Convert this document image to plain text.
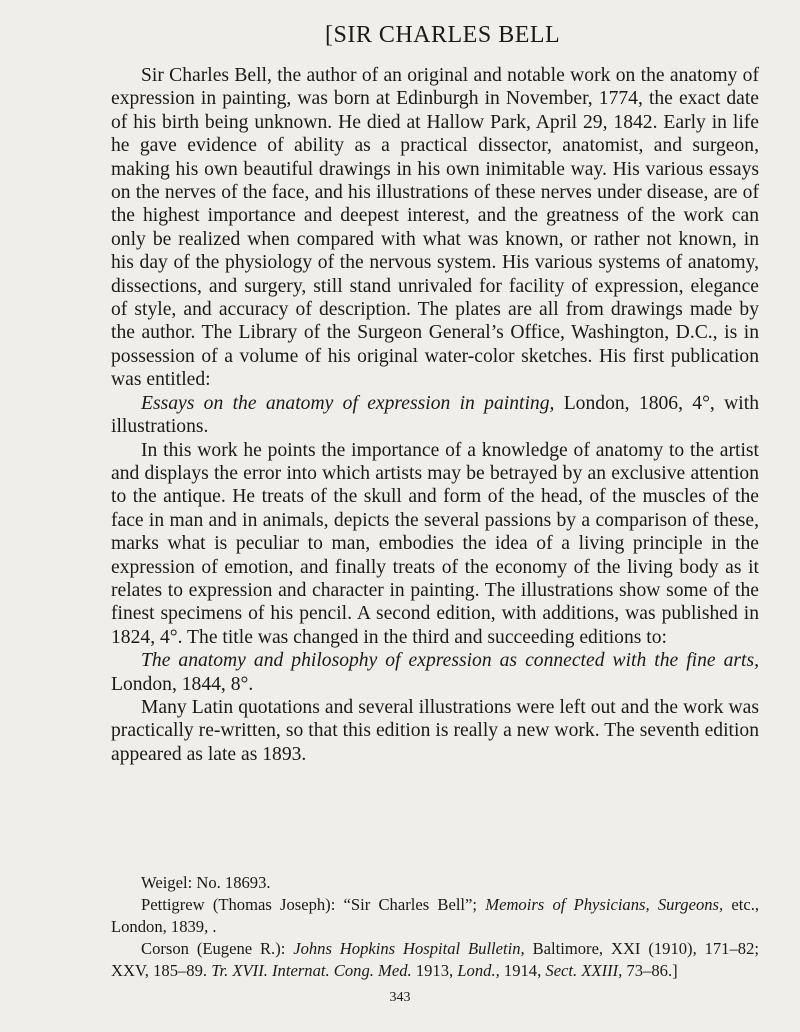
[SIR CHARLES BELL

Sir Charles Bell, the author of an original and notable work on the anatomy of expression in painting, was born at Edinburgh in November, 1774, the exact date of his birth being unknown. He died at Hallow Park, April 29, 1842. Early in life he gave evidence of ability as a practical dissector, anatomist, and surgeon, making his own beautiful drawings in his own inimitable way. His various essays on the nerves of the face, and his illustrations of these nerves under disease, are of the highest importance and deepest interest, and the greatness of the work can only be realized when compared with what was known, or rather not known, in his day of the physiology of the nervous system. His various systems of anatomy, dissections, and surgery, still stand unrivaled for facility of expression, elegance of style, and accuracy of description. The plates are all from drawings made by the author. The Library of the Surgeon General’s Office, Washington, D.C., is in possession of a volume of his original water-color sketches. His first publication was entitled:

Essays on the anatomy of expression in painting, London, 1806, 4°, with illustrations.

In this work he points the importance of a knowledge of anatomy to the artist and displays the error into which artists may be betrayed by an exclusive attention to the antique. He treats of the skull and form of the head, of the muscles of the face in man and in animals, depicts the several passions by a comparison of these, marks what is peculiar to man, embodies the idea of a living principle in the expression of emotion, and finally treats of the economy of the living body as it relates to expression and character in painting. The illustrations show some of the finest specimens of his pencil. A second edition, with additions, was published in 1824, 4°. The title was changed in the third and succeeding editions to:

The anatomy and philosophy of expression as connected with the fine arts, London, 1844, 8°.

Many Latin quotations and several illustrations were left out and the work was practically re-written, so that this edition is really a new work. The seventh edition appeared as late as 1893.

Weigel: No. 18693.

Pettigrew (Thomas Joseph): “Sir Charles Bell”; Memoirs of Physicians, Surgeons, etc., London, 1839, .

Corson (Eugene R.): Johns Hopkins Hospital Bulletin, Baltimore, XXI (1910), 171–82; XXV, 185–89. Tr. XVII. Internat. Cong. Med. 1913, Lond., 1914, Sect. XXIII, 73–86.]

343
